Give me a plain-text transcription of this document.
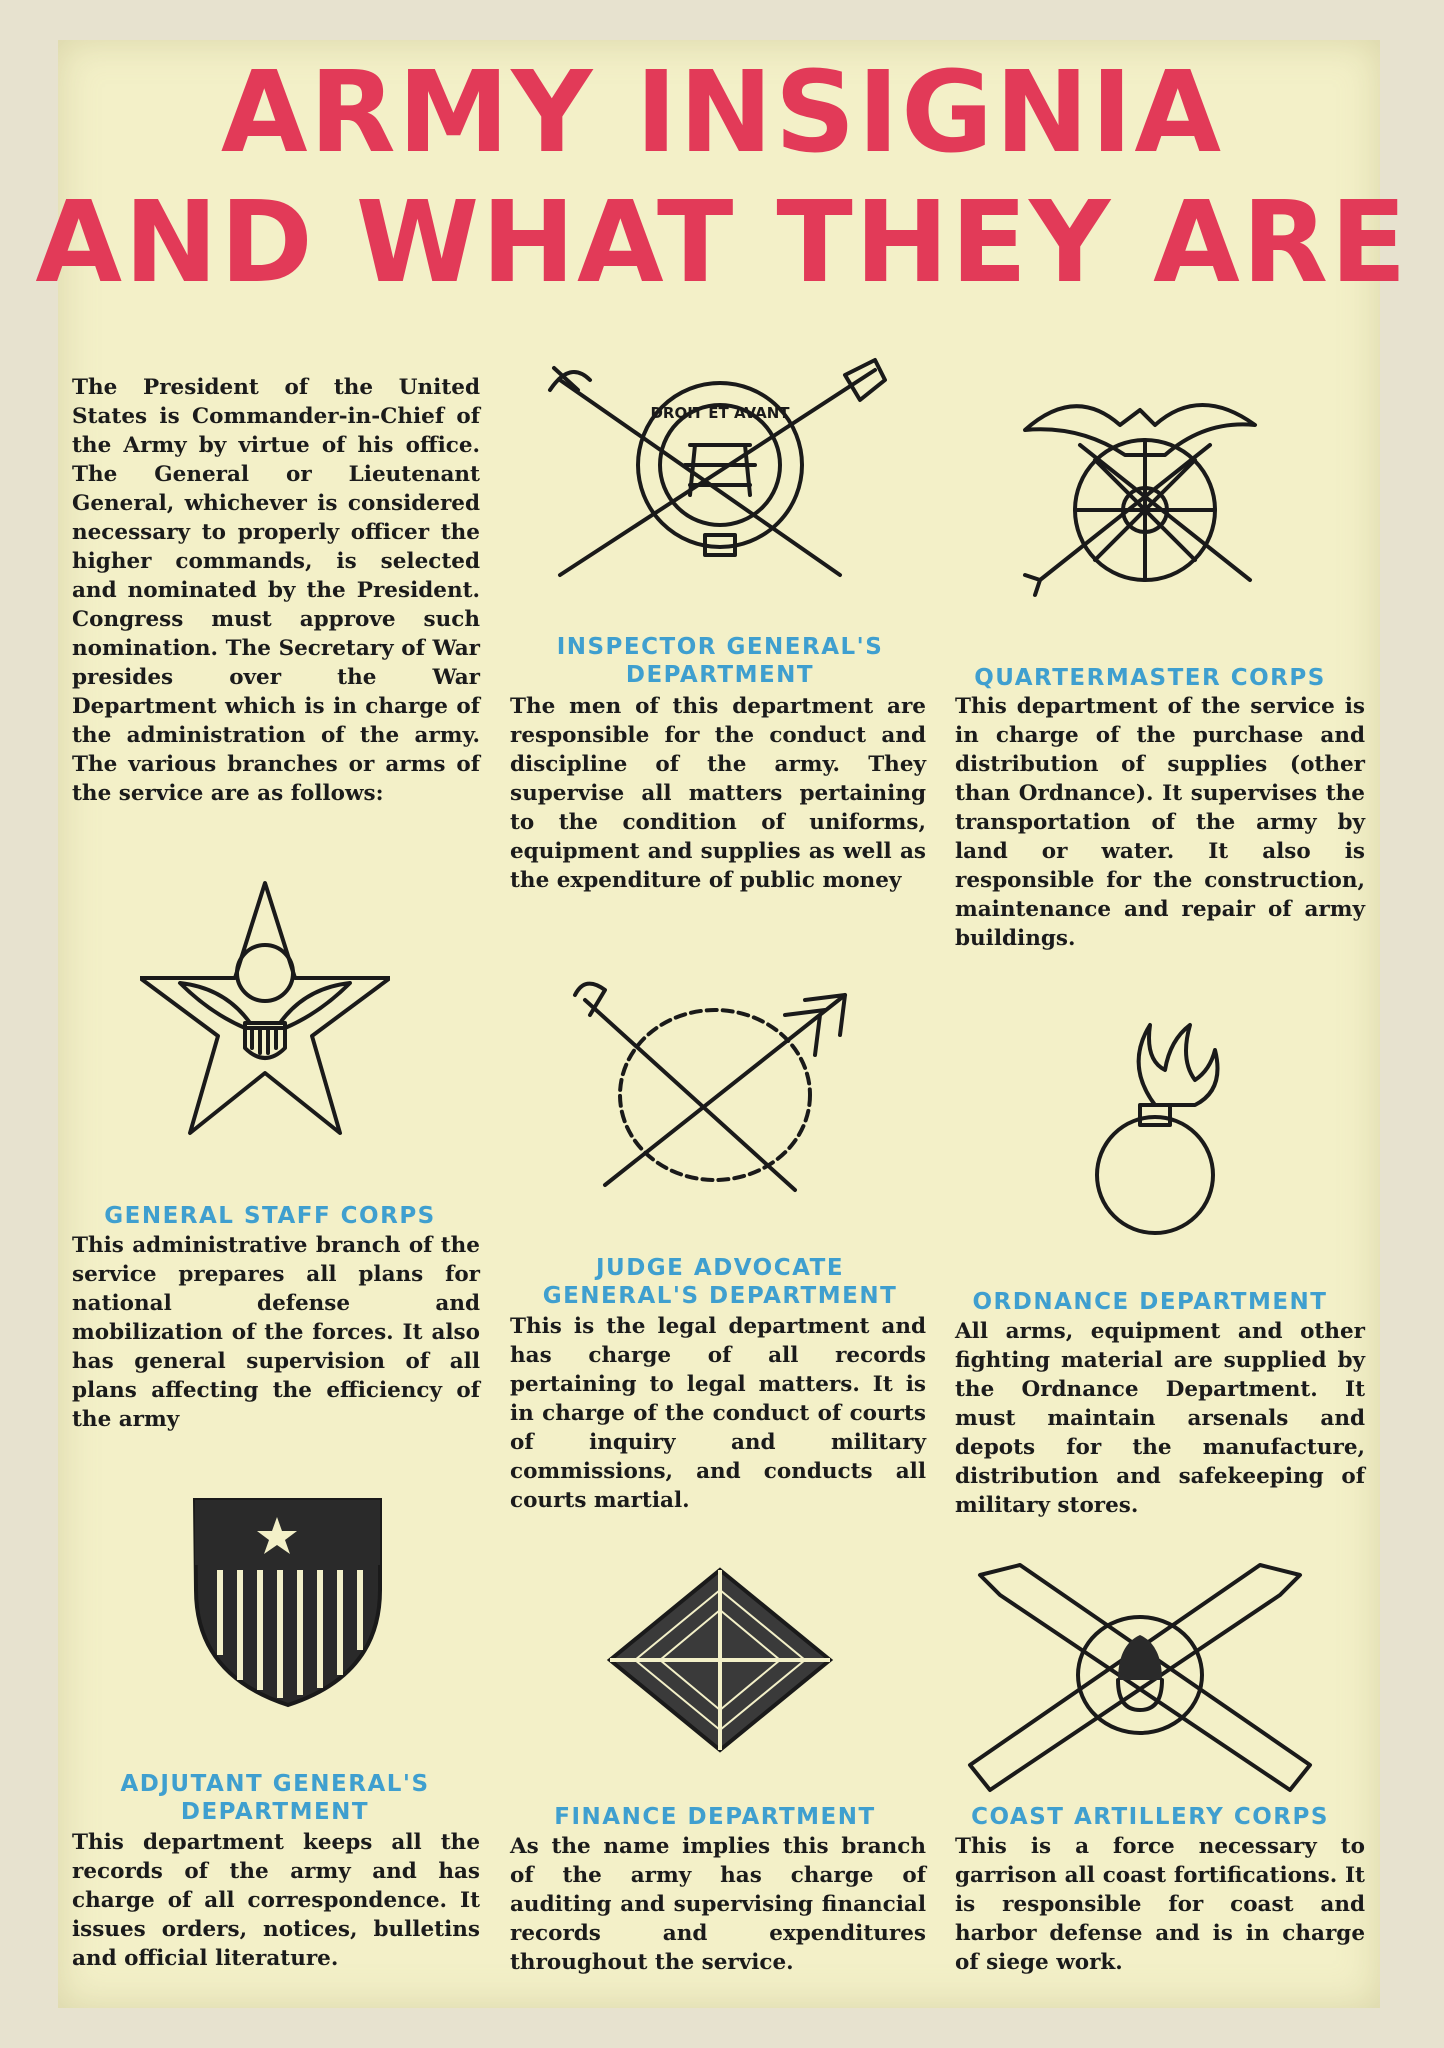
ARMY INSIGNIA
AND WHAT THEY ARE

The President of the United States is Commander-in-Chief of the Army by virtue of his office. The General or Lieutenant General, whichever is considered necessary to properly officer the higher commands, is selected and nominated by the President. Congress must approve such nomination. The Secretary of War presides over the War Department which is in charge of the administration of the army. The various branches or arms of the service are as follows:

DROIT ET AVANT

INSPECTOR GENERAL'S
DEPARTMENT

The men of this department are responsible for the conduct and discipline of the army. They supervise all matters pertaining to the condition of uniforms, equipment and supplies as well as the expenditure of public money

QUARTERMASTER CORPS

This department of the service is in charge of the purchase and distribution of supplies (other than Ordnance). It supervises the transportation of the army by land or water. It also is responsible for the construction, maintenance and repair of army buildings.

GENERAL STAFF CORPS

This administrative branch of the service prepares all plans for national defense and mobilization of the forces. It also has general supervision of all plans affecting the efficiency of the army

JUDGE ADVOCATE
GENERAL'S DEPARTMENT

This is the legal department and has charge of all records pertaining to legal matters. It is in charge of the conduct of courts of inquiry and military commissions, and conducts all courts martial.

ORDNANCE DEPARTMENT

All arms, equipment and other fighting material are supplied by the Ordnance Department. It must maintain arsenals and depots for the manufacture, distribution and safekeeping of military stores.

ADJUTANT GENERAL'S
DEPARTMENT

This department keeps all the records of the army and has charge of all correspondence. It issues orders, notices, bulletins and official literature.

FINANCE DEPARTMENT

As the name implies this branch of the army has charge of auditing and supervising financial records and expenditures throughout the service.

COAST ARTILLERY CORPS

This is a force necessary to garrison all coast fortifications. It is responsible for coast and harbor defense and is in charge of siege work.
